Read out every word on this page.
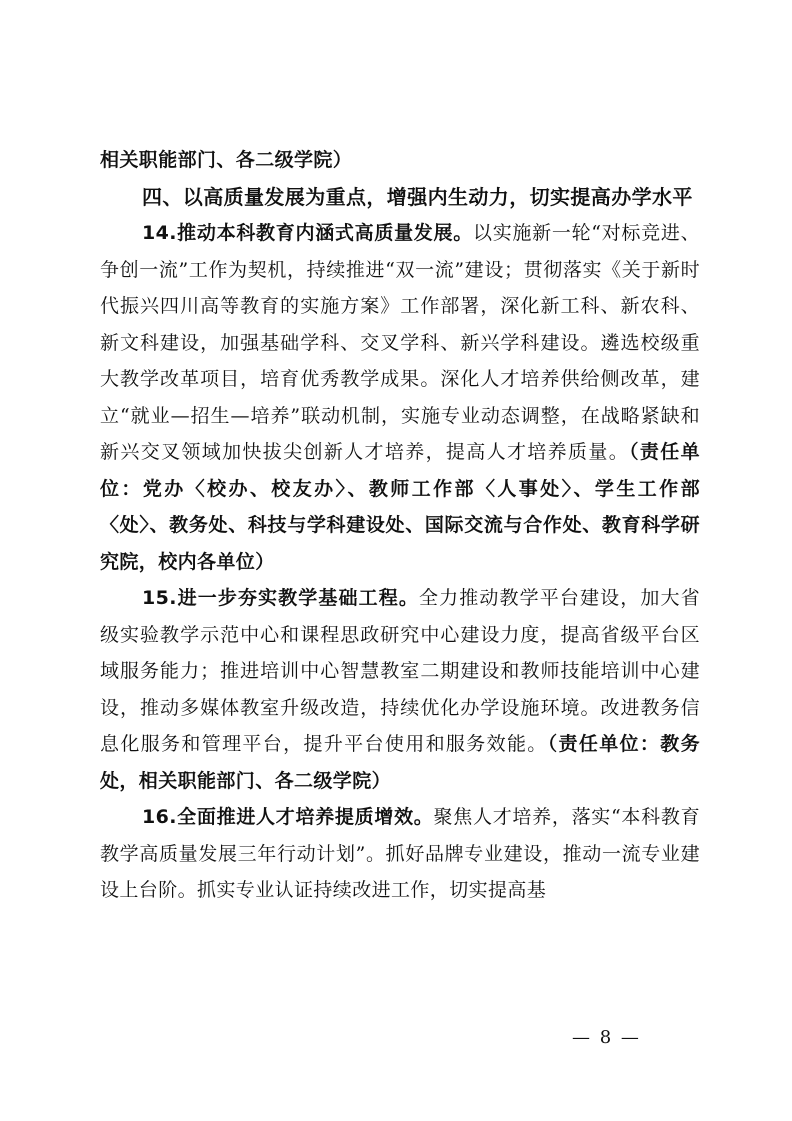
相关职能部门、各二级学院）

四、以高质量发展为重点，增强内生动力，切实提高办学水平

14.推动本科教育内涵式高质量发展。以实施新一轮“对标竞进、争创一流”工作为契机，持续推进“双一流”建设；贯彻落实《关于新时代振兴四川高等教育的实施方案》工作部署，深化新工科、新农科、新文科建设，加强基础学科、交叉学科、新兴学科建设。遴选校级重大教学改革项目，培育优秀教学成果。深化人才培养供给侧改革，建立“就业—招生—培养”联动机制，实施专业动态调整，在战略紧缺和新兴交叉领域加快拔尖创新人才培养，提高人才培养质量。（责任单位：党办〈校办、校友办〉、教师工作部〈人事处〉、学生工作部〈处〉、教务处、科技与学科建设处、国际交流与合作处、教育科学研究院，校内各单位）

15.进一步夯实教学基础工程。全力推动教学平台建设，加大省级实验教学示范中心和课程思政研究中心建设力度，提高省级平台区域服务能力；推进培训中心智慧教室二期建设和教师技能培训中心建设，推动多媒体教室升级改造，持续优化办学设施环境。改进教务信息化服务和管理平台，提升平台使用和服务效能。（责任单位：教务处，相关职能部门、各二级学院）

16.全面推进人才培养提质增效。聚焦人才培养，落实“本科教育教学高质量发展三年行动计划”。抓好品牌专业建设，推动一流专业建设上台阶。抓实专业认证持续改进工作，切实提高基

— 8 —
